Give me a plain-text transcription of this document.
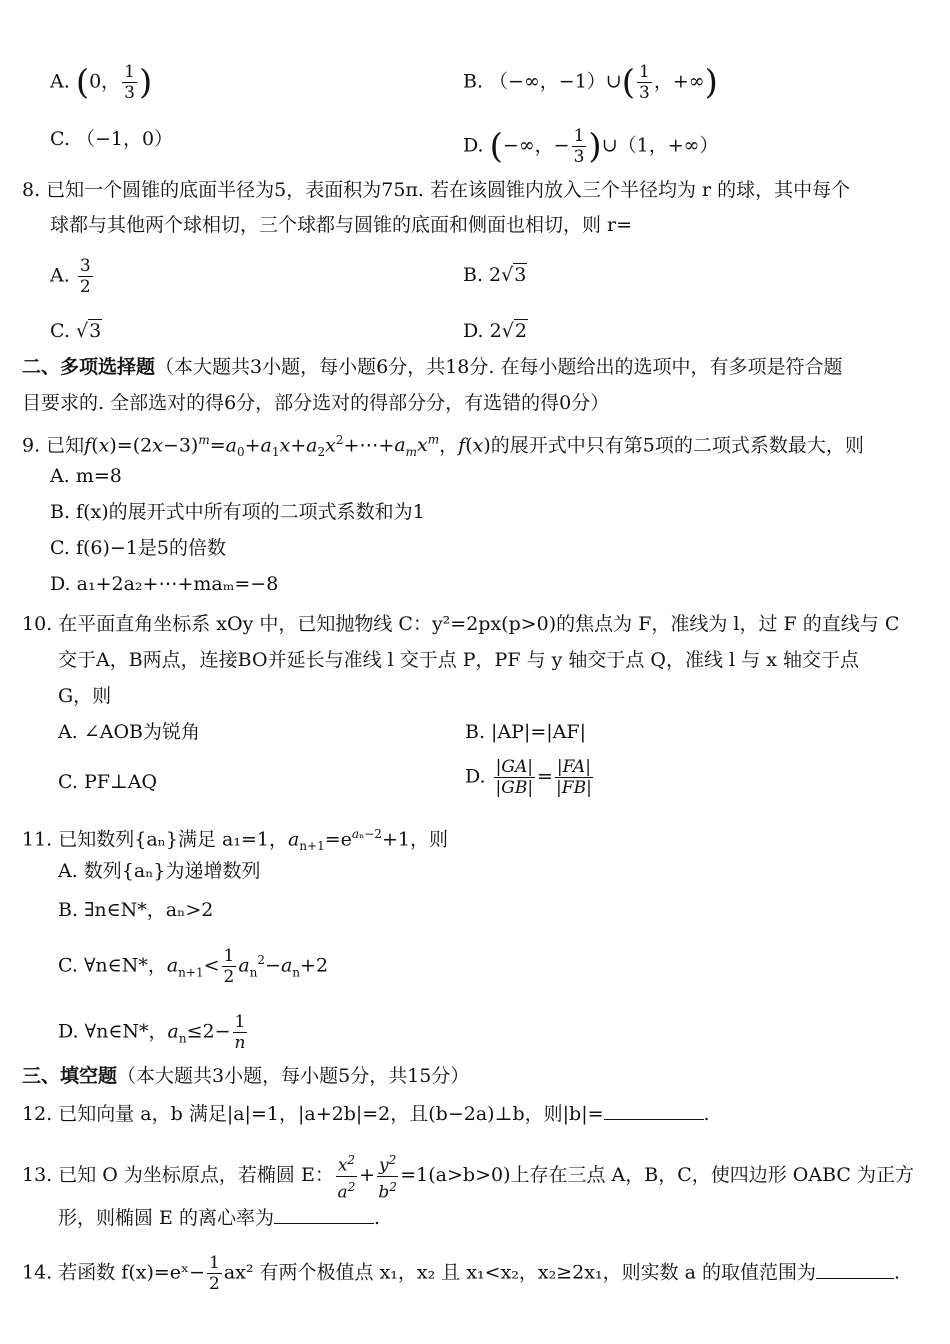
A. (0， $\frac{1}{3}$ )	B. （−∞，−1）∪( $\frac{1}{3}$ ，+∞)
C. （−1，0）	D. (−∞，− $\frac{1}{3}$ )∪（1，+∞）
8. 已知一个圆锥的底面半径为5，表面积为75π. 若在该圆锥内放入三个半径均为 r 的球，其中每个
球都与其他两个球相切，三个球都与圆锥的底面和侧面也相切，则 r=
A. $\frac{3}{2}$	B. 2√3
C. √3	D. 2√2
二、多项选择题（本大题共3小题，每小题6分，共18分. 在每小题给出的选项中，有多项是符合题
目要求的. 全部选对的得6分，部分选对的得部分分，有选错的得0分）
9. 已知$f(x)=(2x-3)^m=a_0+a_1x+a_2x^2+\cdots+a_mx^m$，f(x)的展开式中只有第5项的二项式系数最大，则
A. m=8
B. f(x)的展开式中所有项的二项式系数和为1
C. f(6)−1是5的倍数
D. a₁+2a₂+⋯+maₘ=−8
10. 在平面直角坐标系 xOy 中，已知抛物线 C：y²=2px(p>0)的焦点为 F，准线为 l，过 F 的直线与 C
交于A，B两点，连接BO并延长与准线 l 交于点 P，PF 与 y 轴交于点 Q，准线 l 与 x 轴交于点
G，则
A. ∠AOB为锐角	B. |AP|=|AF|
C. PF⊥AQ	D. $\frac{|GA|}{|GB|} = \frac{|FA|}{|FB|}$
11. 已知数列{aₙ}满足 a₁=1，$a_{n+1}=e^{a_n-2}+1$，则
A. 数列{aₙ}为递增数列
B. ∃n∈N*，aₙ>2
C. ∀n∈N*，$a_{n+1}< \frac{1}{2} a_n^2-a_n+2$
D. ∀n∈N*，$a_n\le 2- \frac{1}{n}$
三、填空题（本大题共3小题，每小题5分，共15分）
12. 已知向量 a，b 满足|a|=1，|a+2b|=2，且(b−2a)⊥b，则|b|=	.
13. 已知 O 为坐标原点，若椭圆 E： $\frac{x^2}{a^2} + \frac{y^2}{b^2} =1(a>b>0)$上存在三点 A，B，C，使四边形 OABC 为正方
形，则椭圆 E 的离心率为	.
14. 若函数 f(x)=eˣ− $\frac{1}{2} ax^2$ 有两个极值点 x₁，x₂ 且 x₁<x₂，x₂≥2x₁，则实数 a 的取值范围为	.
